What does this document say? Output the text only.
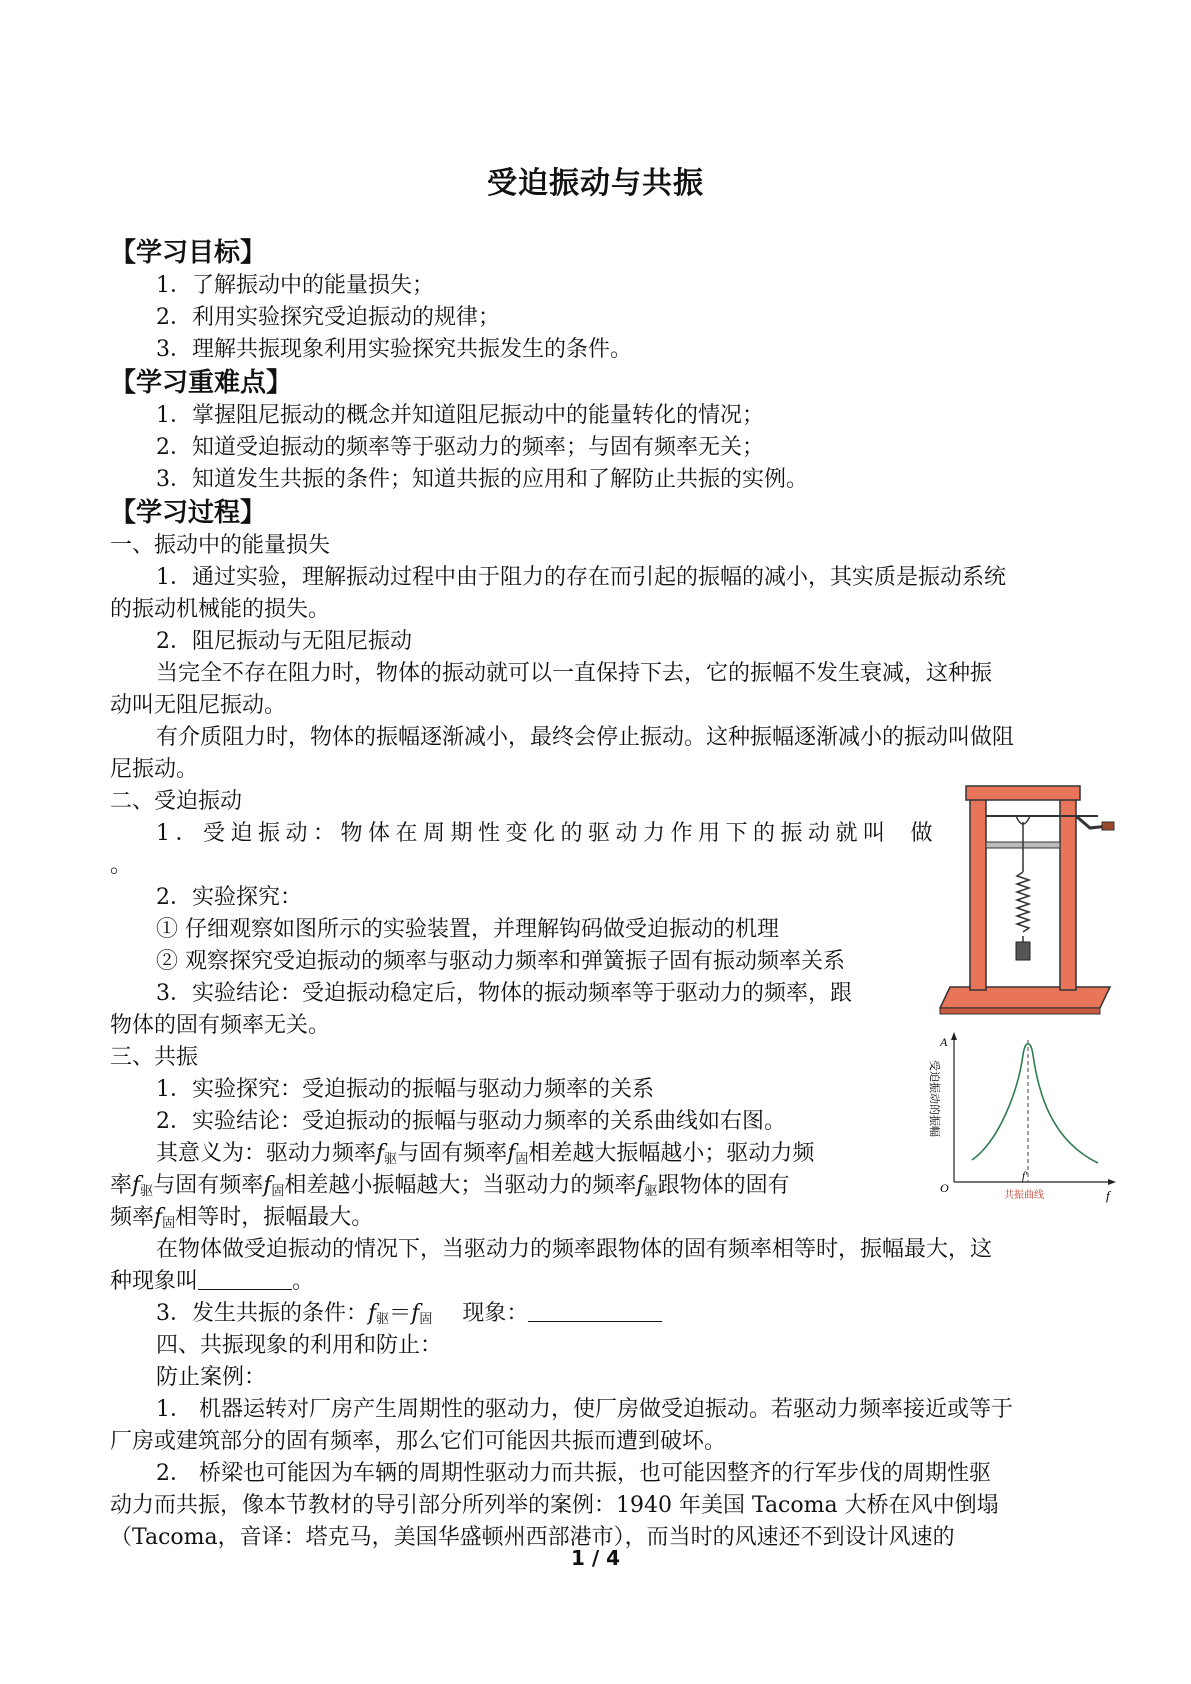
受迫振动与共振
【学习目标】
1．了解振动中的能量损失；
2．利用实验探究受迫振动的规律；
3．理解共振现象利用实验探究共振发生的条件。
【学习重难点】
1．掌握阻尼振动的概念并知道阻尼振动中的能量转化的情况；
2．知道受迫振动的频率等于驱动力的频率；与固有频率无关；
3．知道发生共振的条件；知道共振的应用和了解防止共振的实例。
【学习过程】
一、振动中的能量损失
1．通过实验，理解振动过程中由于阻力的存在而引起的振幅的减小，其实质是振动系统
的振动机械能的损失。
2．阻尼振动与无阻尼振动
当完全不存在阻力时，物体的振动就可以一直保持下去，它的振幅不发生衰减，这种振
动叫无阻尼振动。
有介质阻力时，物体的振幅逐渐减小，最终会停止振动。这种振幅逐渐减小的振动叫做阻
尼振动。
二、受迫振动
1．受迫振动：物体在周期性变化的驱动力作用下的振动就叫 做
。
2．实验探究：
① 仔细观察如图所示的实验装置，并理解钩码做受迫振动的机理
② 观察探究受迫振动的频率与驱动力频率和弹簧振子固有振动频率关系
3．实验结论：受迫振动稳定后，物体的振动频率等于驱动力的频率，跟
物体的固有频率无关。
三、共振
1．实验探究：受迫振动的振幅与驱动力频率的关系
2．实验结论：受迫振动的振幅与驱动力频率的关系曲线如右图。
其意义为：驱动力频率$f_驱$与固有频率$f_固$相差越大振幅越小；驱动力频
率$f_驱$与固有频率$f_固$相差越小振幅越大；当驱动力的频率$f_驱$跟物体的固有
频率$f_固$相等时，振幅最大。
在物体做受迫振动的情况下，当驱动力的频率跟物体的固有频率相等时，振幅最大，这
种现象叫	。
3．发生共振的条件：$f_驱=f_固$ 现象：
四、共振现象的利用和防止：
防止案例：
1． 机器运转对厂房产生周期性的驱动力，使厂房做受迫振动。若驱动力频率接近或等于
厂房或建筑部分的固有频率，那么它们可能因共振而遭到破坏。
2． 桥梁也可能因为车辆的周期性驱动力而共振，也可能因整齐的行军步伐的周期性驱
动力而共振，像本节教材的导引部分所列举的案例：1940 年美国 Tacoma 大桥在风中倒塌
（Tacoma，音译：塔克马，美国华盛顿州西部港市），而当时的风速还不到设计风速的
A
f
O
受迫振动的振幅
f′
共振曲线
1 / 4
